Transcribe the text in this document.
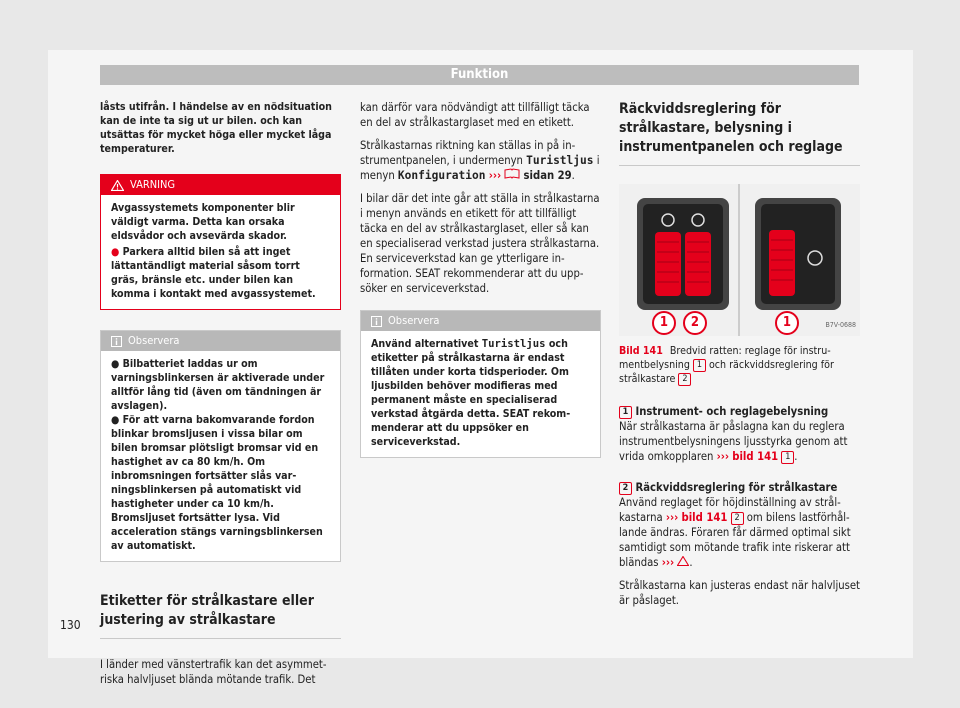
Funktion
låsts utifrån. I händelse av en nödsituation kan de inte ta sig ut ur bilen. och kan utsättas för mycket höga eller mycket låga temperaturer.
VARNING
Avgassystemets komponenter blir väldigt varma. Detta kan orsaka eldsvådor och avsevärda skador.
● Parkera alltid bilen så att inget lättantändligt material såsom torrt gräs, bränsle etc. under bilen kan komma i kontakt med avgassystemet.
Observera
● Bilbatteriet laddas ur om varningsblinkersen är aktiverade under alltför lång tid (även om tändningen är avslagen).
● För att varna bakomvarande fordon blinkar bromsljusen i vissa bilar om bilen bromsar plötsligt bromsar vid en hastighet av ca 80 km/h. Om inbromsningen fortsätter slås varningsblinkersen på automatiskt vid hastigheter under ca 10 km/h. Bromsljuset fortsätter lysa. Vid acceleration stängs varningsblinkersen av automatiskt.
Etiketter för strålkastare eller justering av strålkastare

I länder med vänstertrafik kan det asymmetriska halvljuset blända mötande trafik. Det

kan därför vara nödvändigt att tillfälligt täcka en del av strålkastarglaset med en etikett.

Strålkastarnas riktning kan ställas in på instrumentpanelen, i undermenyn Turistljus i menyn Konfiguration ››› sidan 29.

I bilar där det inte går att ställa in strålkastarna i menyn används en etikett för att tillfälligt täcka en del av strålkastarglaset, eller så kan en specialiserad verkstad justera strålkastarna. En serviceverkstad kan ge ytterligare information. SEAT rekommenderar att du uppsöker en serviceverkstad.

Observera
Använd alternativet Turistljus och etiketter på strålkastarna är endast tillåten under korta tidsperioder. Om ljusbilden behöver modifieras med permanent måste en specialiserad verkstad åtgärda detta. SEAT rekommenderar att du uppsöker en serviceverkstad.
Räckviddsreglering för strålkastare, belysning i instrumentpanelen och reglage
1	2	1	B7V-0688
Bild 141 Bredvid ratten: reglage för instrumentbelysning 1 och räckviddsreglering för strålkastare 2
1 Instrument- och reglagebelysning

När strålkastarna är påslagna kan du reglera instrumentbelysningens ljusstyrka genom att vrida omkopplaren ››› bild 141 1 .

2 Räckviddsreglering för strålkastare

Använd reglaget för höjdinställning av strålkastarna ››› bild 141 2 om bilens lastförhållande ändras. Föraren får därmed optimal sikt samtidigt som mötande trafik inte riskerar att bländas ››› .

Strålkastarna kan justeras endast när halvljuset är påslaget.

130
